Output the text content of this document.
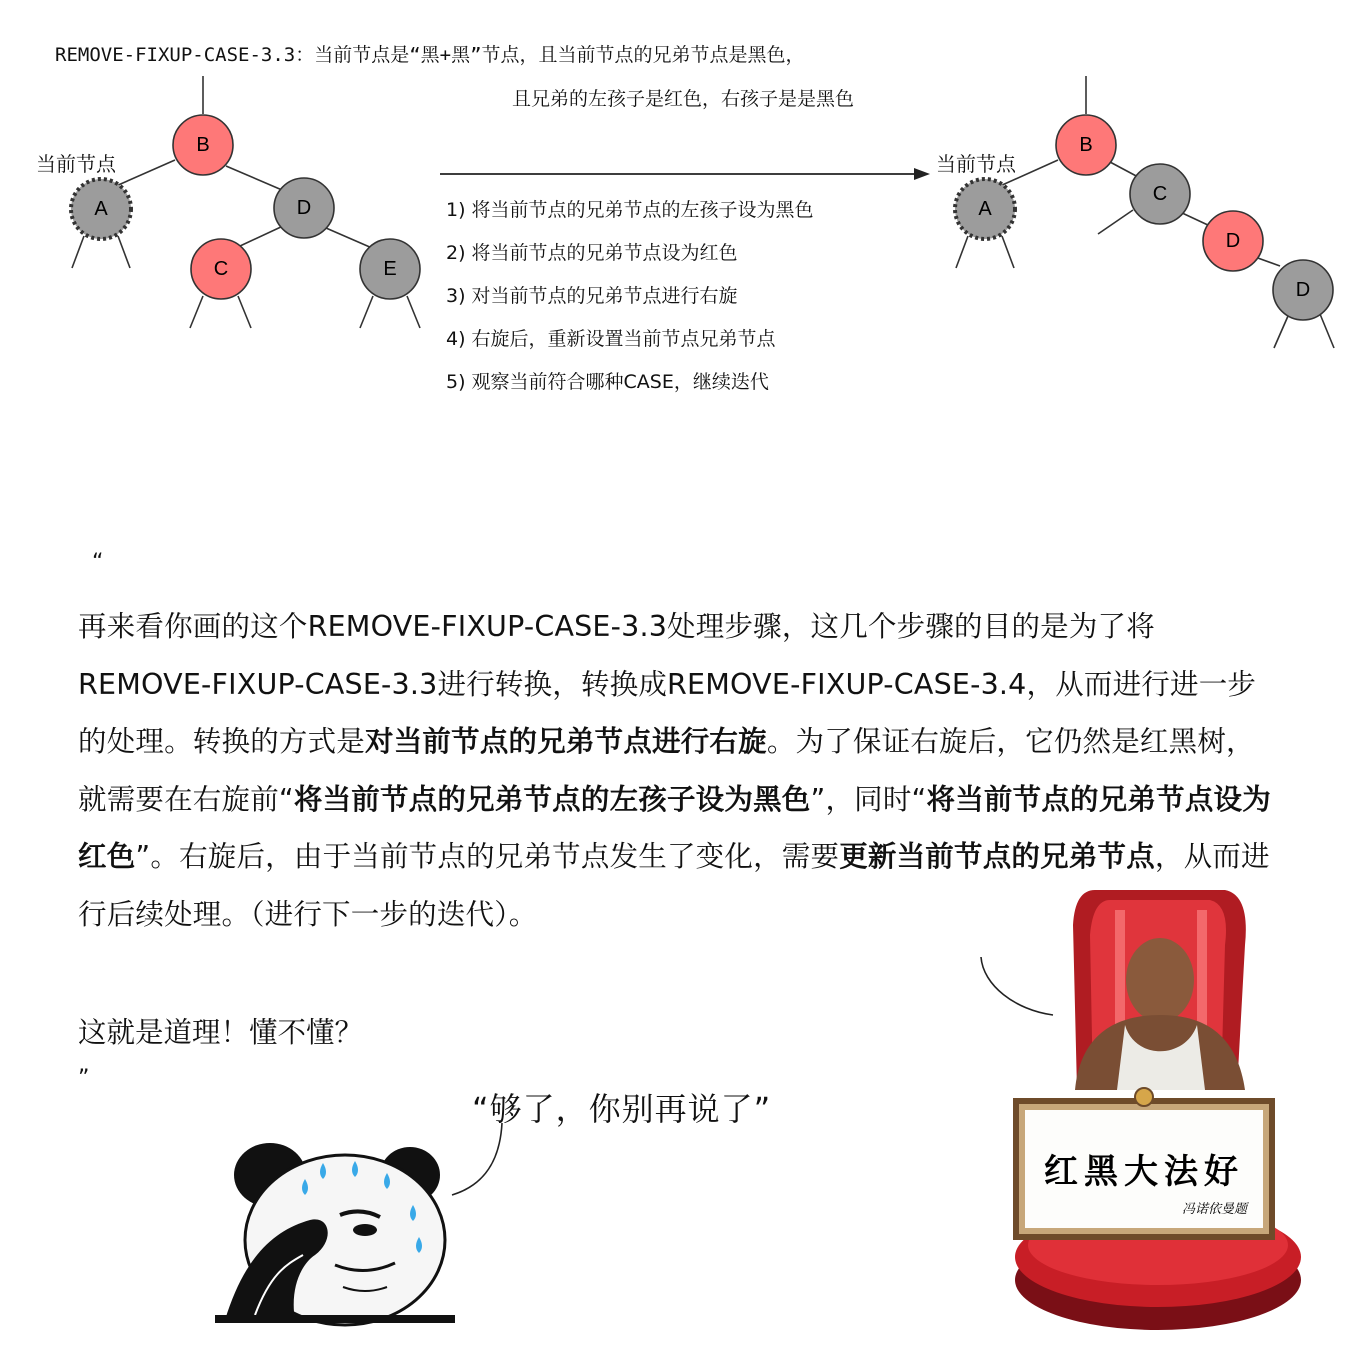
REMOVE-FIXUP-CASE-3.3：当前节点是“黑+黑”节点，且当前节点的兄弟节点是黑色，
且兄弟的左孩子是红色，右孩子是是黑色
B
A	D
C	E
B
A
C
D
D
当前节点	当前节点
1) 将当前节点的兄弟节点的左孩子设为黑色
2) 将当前节点的兄弟节点设为红色
3) 对当前节点的兄弟节点进行右旋
4) 右旋后，重新设置当前节点兄弟节点
5) 观察当前符合哪种CASE，继续迭代
“
再来看你画的这个REMOVE-FIXUP-CASE-3.3处理步骤，这几个步骤的目的是为了将REMOVE-FIXUP-CASE-3.3进行转换，转换成REMOVE-FIXUP-CASE-3.4，从而进行进一步的处理。转换的方式是对当前节点的兄弟节点进行右旋。为了保证右旋后，它仍然是红黑树，就需要在右旋前“将当前节点的兄弟节点的左孩子设为黑色”，同时“将当前节点的兄弟节点设为红色”。右旋后，由于当前节点的兄弟节点发生了变化，需要更新当前节点的兄弟节点，从而进行后续处理。（进行下一步的迭代）。
这就是道理！懂不懂？
”
“够了，你别再说了”
红黑大法好
冯诺依曼题
